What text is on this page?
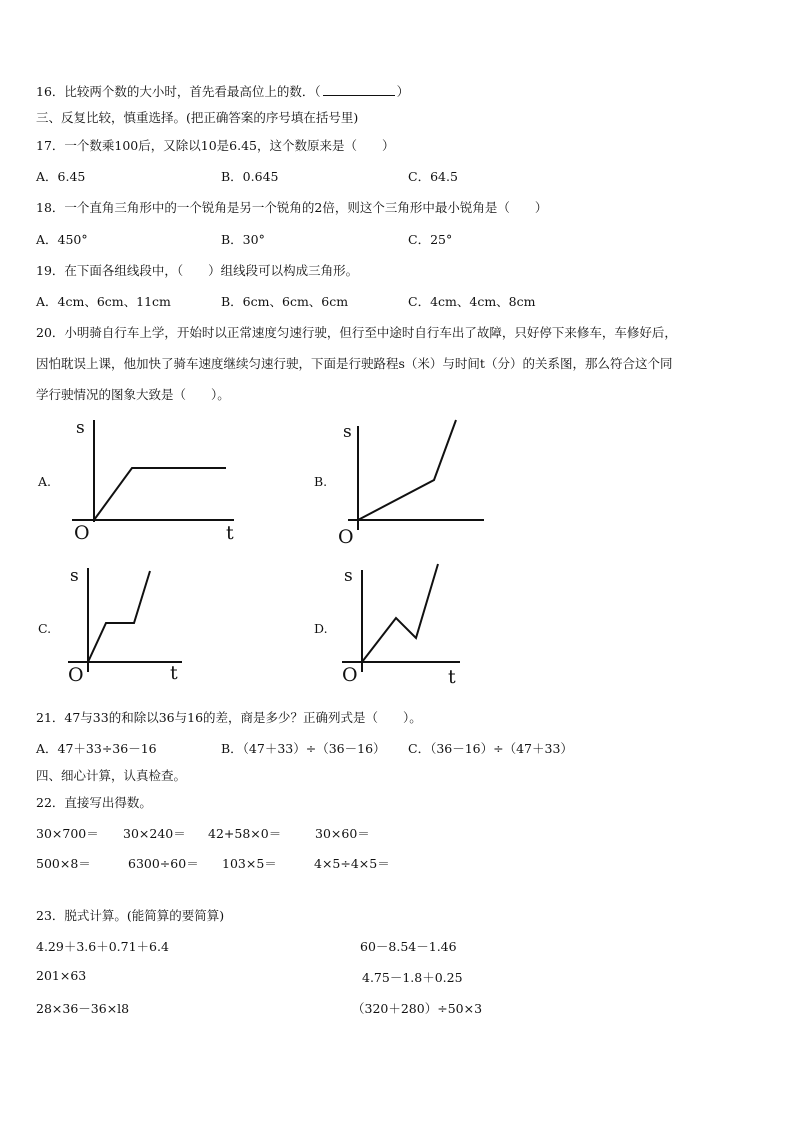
16．比较两个数的大小时，首先看最高位上的数．（	）
三、反复比较，慎重选择。(把正确答案的序号填在括号里)
17．一个数乘100后，又除以10是6.45，这个数原来是（　　）
A．6.45	B．0.645	C．64.5
18．一个直角三角形中的一个锐角是另一个锐角的2倍，则这个三角形中最小锐角是（　　）
A．450°	B．30°	C．25°
19．在下面各组线段中，（　　）组线段可以构成三角形。
A．4cm、6cm、11cm	B．6cm、6cm、6cm	C．4cm、4cm、8cm
20．小明骑自行车上学，开始时以正常速度匀速行驶，但行至中途时自行车出了故障，只好停下来修车，车修好后，
因怕耽误上课，他加快了骑车速度继续匀速行驶，下面是行驶路程s（米）与时间t（分）的关系图，那么符合这个同
学行驶情况的图象大致是（　　）。
A.
s
O	t
B.
s
O
C.
s
O	t
D.
s
O	t
21．47与33的和除以36与16的差，商是多少？正确列式是（　　）。
A．47＋33÷36－16	B．（47＋33）÷（36－16） C．（36－16）÷（47＋33）
四、细心计算，认真检查。
22．直接写出得数。
30×700＝ 30×240＝ 42+58×0＝	30×60＝
500×8＝	6300÷60＝ 103×5＝	4×5÷4×5＝
23．脱式计算。(能简算的要简算)
4.29＋3.6＋0.71＋6.4	60－8.54－1.46
201×63	4.75－1.8＋0.25
28×36－36×l8	（320＋280）÷50×3
